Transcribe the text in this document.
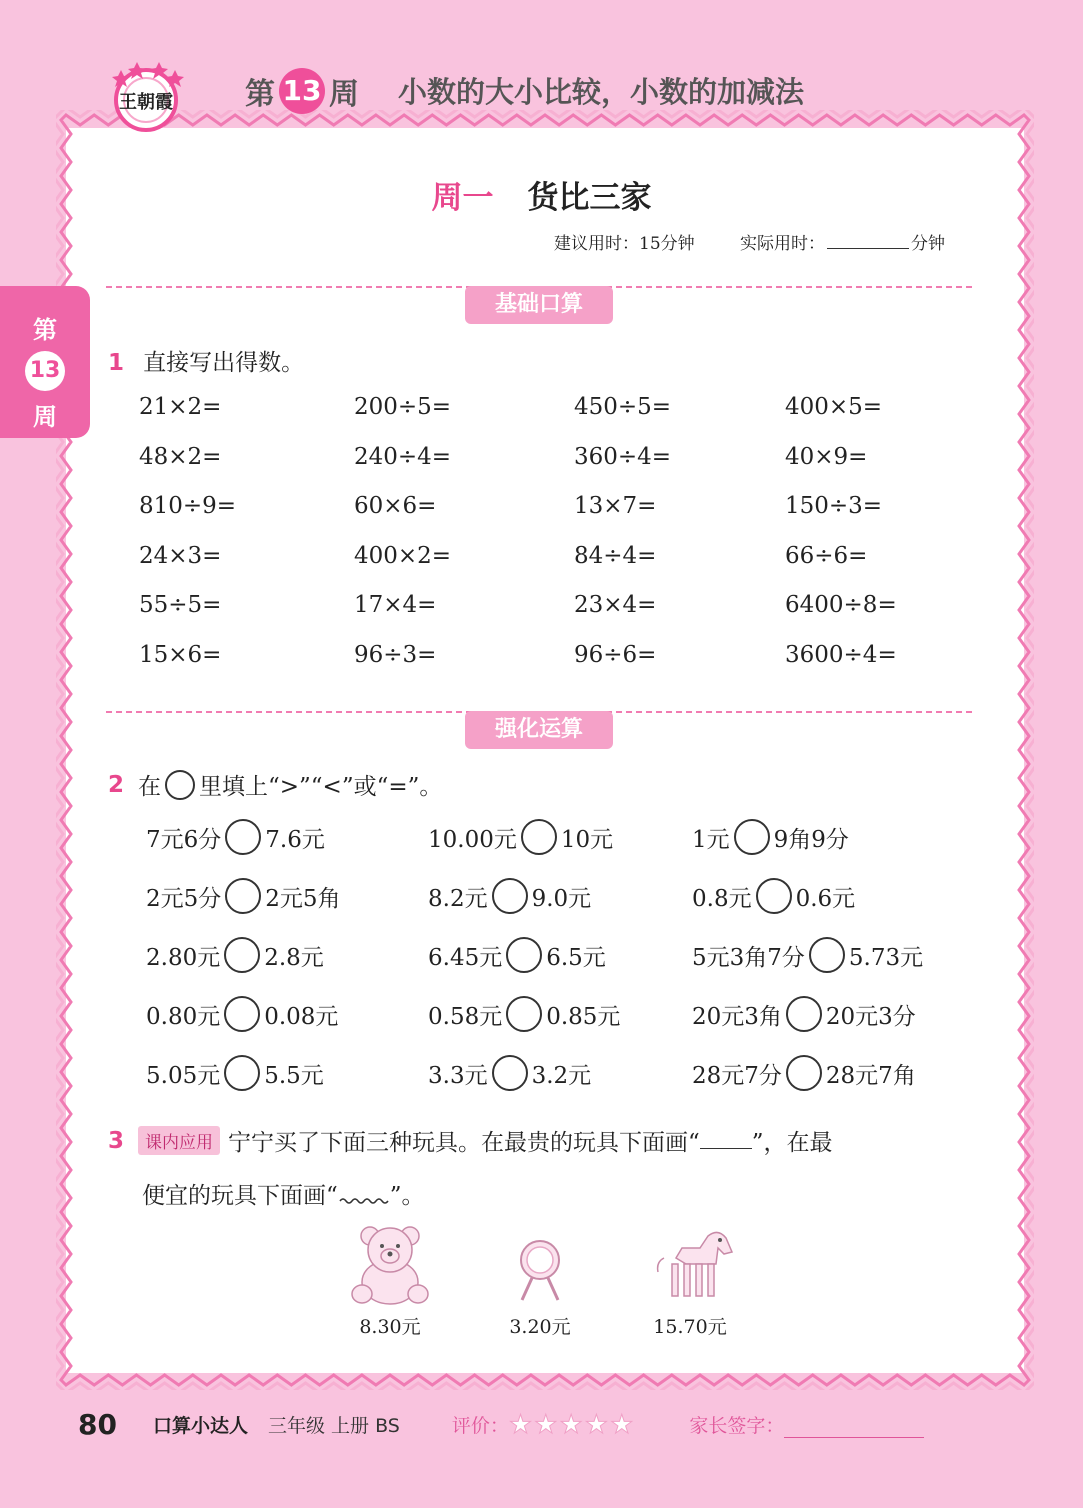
王朝霞 第 13 周 小数的大小比较，小数的加减法
第
13
周
周一 货比三家
建议用时：15分钟	实际用时：	分钟
基础口算
1 直接写出得数。
21×2=	200÷5=	450÷5=	400×5=
48×2=	240÷4=	360÷4=	40×9=
810÷9=	60×6=	13×7=	150÷3=
24×3=	400×2=	84÷4=	66÷6=
55÷5=	17×4=	23×4=	6400÷8=
15×6=	96÷3=	96÷6=	3600÷4=
强化运算
2 在 里填上“>”“<”或“=”。
7元6分 7.6元	10.00元 10元	1元 9角9分
2元5分 2元5角	8.2元 9.0元	0.8元 0.6元
2.80元 2.8元	6.45元 6.5元	5元3角7分 5.73元
0.80元 0.08元	0.58元 0.85元	20元3角 20元3分
5.05元 5.5元	3.3元 3.2元	28元7分 28元7角
3	课内应用 宁宁买了下面三种玩具。在最贵的玩具下面画“ ”，在最
便宜的玩具下面画“ ”。
8.30元	3.20元	15.70元
80 口算小达人 三年级 上册 BS	评价： ★★★★★	家长签字：
